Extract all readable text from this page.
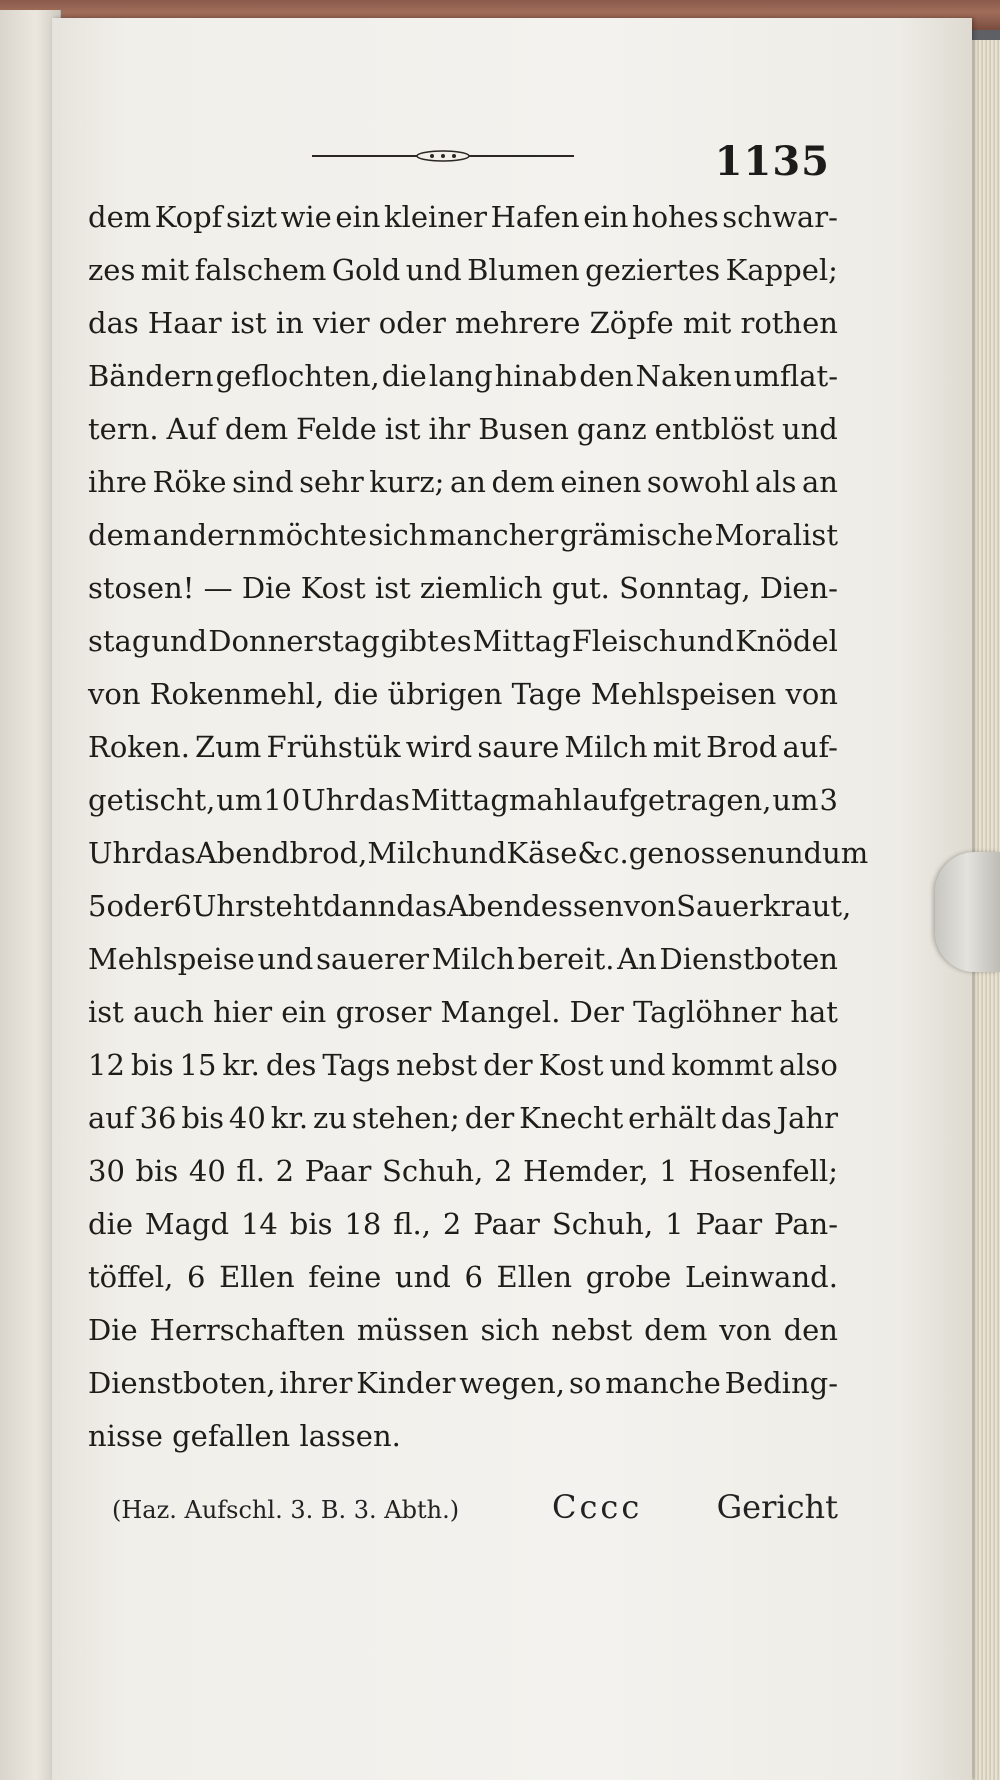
1135
dem Kopf sizt wie ein kleiner Hafen ein hohes schwar-
zes mit falschem Gold und Blumen geziertes Kappel;
das Haar ist in vier oder mehrere Zöpfe mit rothen
Bändern geflochten, die lang hinab den Naken umflat-
tern. Auf dem Felde ist ihr Busen ganz entblöst und
ihre Röke sind sehr kurz; an dem einen sowohl als an
dem andern möchte sich mancher grämische Moralist
stosen! — Die Kost ist ziemlich gut. Sonntag, Dien-
stag und Donnerstag gibt es Mittag Fleisch und Knödel
von Rokenmehl, die übrigen Tage Mehlspeisen von
Roken. Zum Frühstük wird saure Milch mit Brod auf-
getischt, um 10 Uhr das Mittagmahl aufgetragen, um 3
Uhr das Abendbrod, Milch und Käse &c. genossen und um
5 oder 6 Uhr steht dann das Abendessen von Sauerkraut,
Mehlspeise und sauerer Milch bereit. An Dienstboten
ist auch hier ein groser Mangel. Der Taglöhner hat
12 bis 15 kr. des Tags nebst der Kost und kommt also
auf 36 bis 40 kr. zu stehen; der Knecht erhält das Jahr
30 bis 40 fl. 2 Paar Schuh, 2 Hemder, 1 Hosenfell;
die Magd 14 bis 18 fl., 2 Paar Schuh, 1 Paar Pan-
töffel, 6 Ellen feine und 6 Ellen grobe Leinwand.
Die Herrschaften müssen sich nebst dem von den
Dienstboten, ihrer Kinder wegen, so manche Beding-
nisse gefallen lassen.
(Haz. Aufschl. 3. B. 3. Abth.)	Cccc Gericht
